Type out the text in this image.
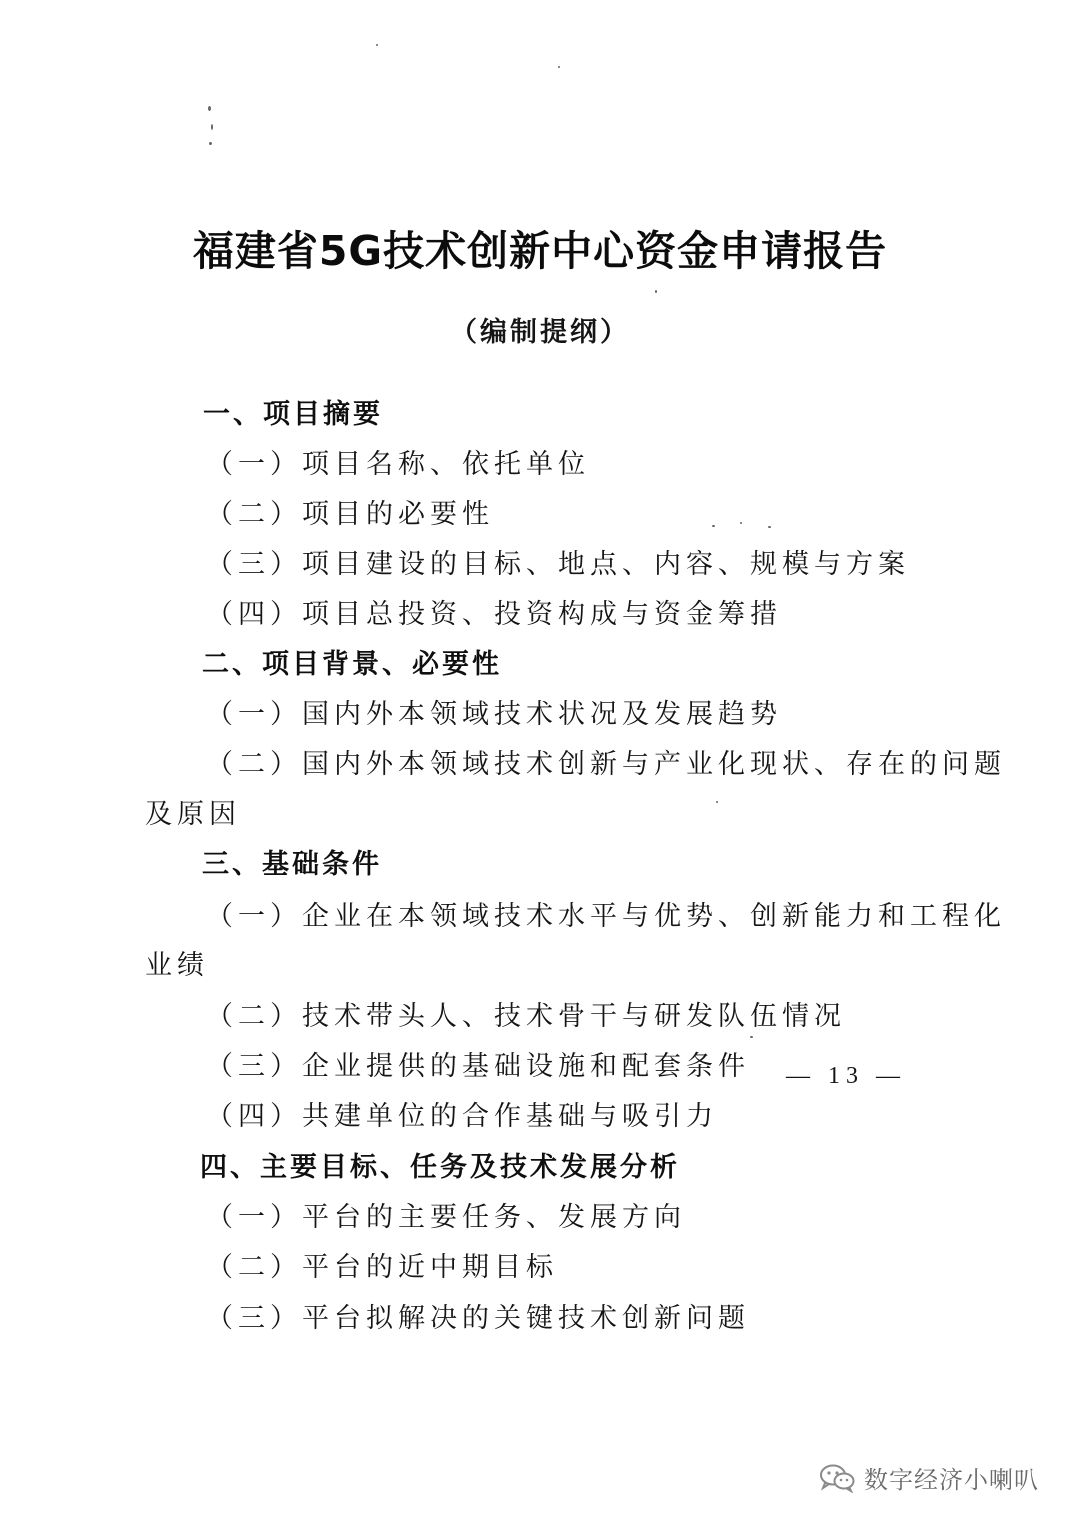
福建省5G技术创新中心资金申请报告
（编制提纲）
一、项目摘要
（一）项目名称、依托单位
（二）项目的必要性
（三）项目建设的目标、地点、内容、规模与方案
（四）项目总投资、投资构成与资金筹措
二、项目背景、必要性
（一）国内外本领域技术状况及发展趋势
（二）国内外本领域技术创新与产业化现状、存在的问题
及原因
三、基础条件
（一）企业在本领域技术水平与优势、创新能力和工程化
业绩
（二）技术带头人、技术骨干与研发队伍情况
（三）企业提供的基础设施和配套条件
（四）共建单位的合作基础与吸引力
四、主要目标、任务及技术发展分析
（一）平台的主要任务、发展方向
（二）平台的近中期目标
（三）平台拟解决的关键技术创新问题
— 13 —
数字经济小喇叭
